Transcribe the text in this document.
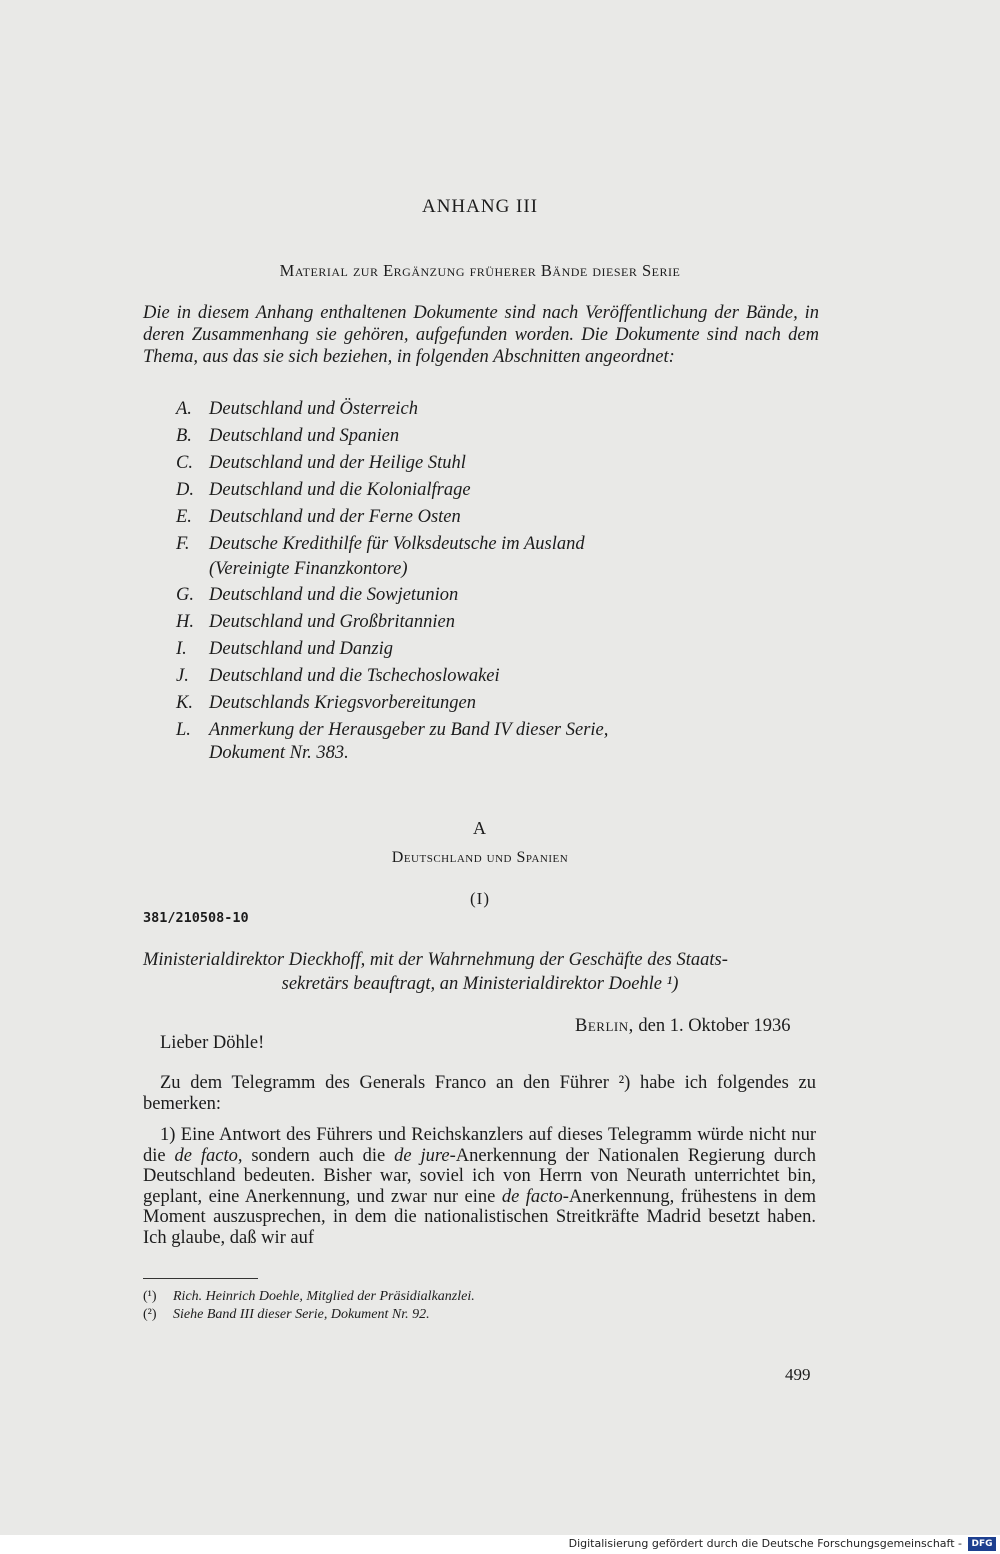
ANHANG III
Material zur Ergänzung früherer Bände dieser Serie
Die in diesem Anhang enthaltenen Dokumente sind nach Veröffentlichung der Bände, in deren Zusammenhang sie gehören, aufgefunden worden. Die Dokumente sind nach dem Thema, aus das sie sich beziehen, in folgenden Abschnitten angeordnet:
A. Deutschland und Österreich
B. Deutschland und Spanien
C. Deutschland und der Heilige Stuhl
D. Deutschland und die Kolonialfrage
E. Deutschland und der Ferne Osten
F. Deutsche Kredithilfe für Volksdeutsche im Ausland
(Vereinigte Finanzkontore)
G. Deutschland und die Sowjetunion
H. Deutschland und Großbritannien
I. Deutschland und Danzig
J. Deutschland und die Tschechoslowakei
K. Deutschlands Kriegsvorbereitungen
L. Anmerkung der Herausgeber zu Band IV dieser Serie,
Dokument Nr. 383.
A
Deutschland und Spanien
(I)
381/210508-10
Ministerialdirektor Dieckhoff, mit der Wahrnehmung der Geschäfte des Staats-
sekretärs beauftragt, an Ministerialdirektor Doehle ¹)
Berlin, den 1. Oktober 1936
Lieber Döhle!
Zu dem Telegramm des Generals Franco an den Führer ²) habe ich folgendes zu bemerken:
1) Eine Antwort des Führers und Reichskanzlers auf dieses Telegramm würde nicht nur die de facto, sondern auch die de jure-Anerkennung der Nationalen Regierung durch Deutschland bedeuten. Bisher war, soviel ich von Herrn von Neurath unterrichtet bin, geplant, eine Anerkennung, und zwar nur eine de facto-Anerkennung, frühestens in dem Moment auszusprechen, in dem die nationalistischen Streitkräfte Madrid besetzt haben. Ich glaube, daß wir auf
(¹) Rich. Heinrich Doehle, Mitglied der Präsidialkanzlei.
(²) Siehe Band III dieser Serie, Dokument Nr. 92.
499
Digitalisierung gefördert durch die Deutsche Forschungsgemeinschaft -	DFG
